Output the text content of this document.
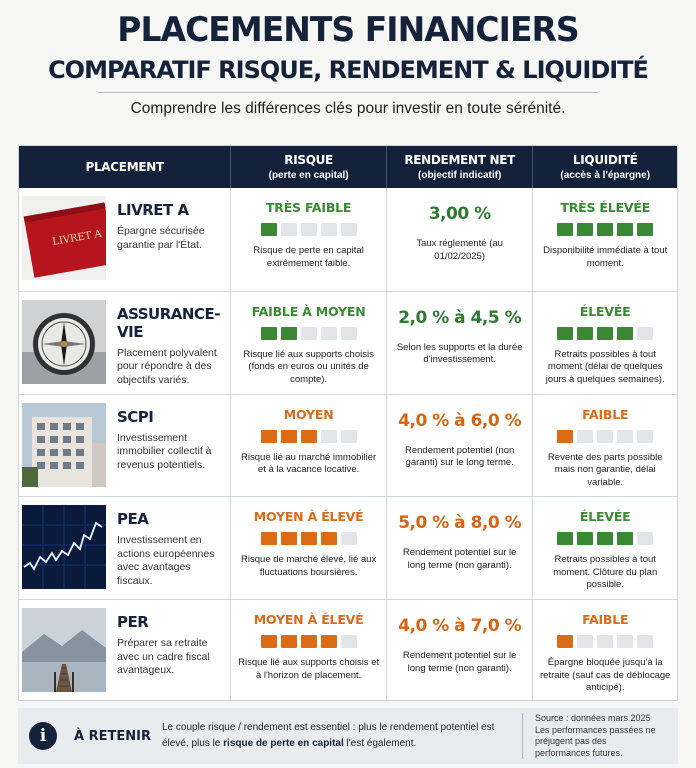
PLACEMENTS FINANCIERS
COMPARATIF RISQUE, RENDEMENT & LIQUIDITÉ
Comprendre les différences clés pour investir en toute sérénité.
PLACEMENT	RISQUE
(perte en capital)
RENDEMENT NET
(objectif indicatif)
LIQUIDITÉ
(accès à l'épargne)
LIVRET A
LIVRET A
Épargne sécurisée garantie par l'État.
TRÈS FAIBLE
Risque de perte en capital extrêmement faible.
3,00 %
Taux réglementé (au 01/02/2025)
TRÈS ÉLEVÉE
Disponibilité immédiate à tout moment.
ASSURANCE-VIE
Placement polyvalent pour répondre à des objectifs variés.
FAIBLE À MOYEN
Risque lié aux supports choisis (fonds en euros ou unités de compte).
2,0 % à 4,5 %
Selon les supports et la durée d'investissement.
ÉLEVÉE
Retraits possibles à tout moment (délai de quelques jours à quelques semaines).
SCPI
Investissement immobilier collectif à revenus potentiels.
MOYEN
Risque lié au marché immobilier et à la vacance locative.
4,0 % à 6,0 %
Rendement potentiel (non garanti) sur le long terme.
FAIBLE
Revente des parts possible mais non garantie, délai variable.
PEA
Investissement en actions européennes avec avantages fiscaux.
MOYEN À ÉLEVÉ
Risque de marché élevé, lié aux fluctuations boursières.
5,0 % à 8,0 %
Rendement potentiel sur le long terme (non garanti).
ÉLEVÉE
Retraits possibles à tout moment. Clôture du plan possible.
PER
Préparer sa retraite avec un cadre fiscal avantageux.
MOYEN À ÉLEVÉ
Risque lié aux supports choisis et à l'horizon de placement.
4,0 % à 7,0 %
Rendement potentiel sur le long terme (non garanti).
FAIBLE
Épargne bloquée jusqu'à la retraite (sauf cas de déblocage anticipé).
i	À RETENIR
Le couple risque / rendement est essentiel : plus le rendement potentiel est élevé, plus le risque de perte en capital l'est également.
Source : données mars 2025
Les performances passées ne préjugent pas des performances futures.
